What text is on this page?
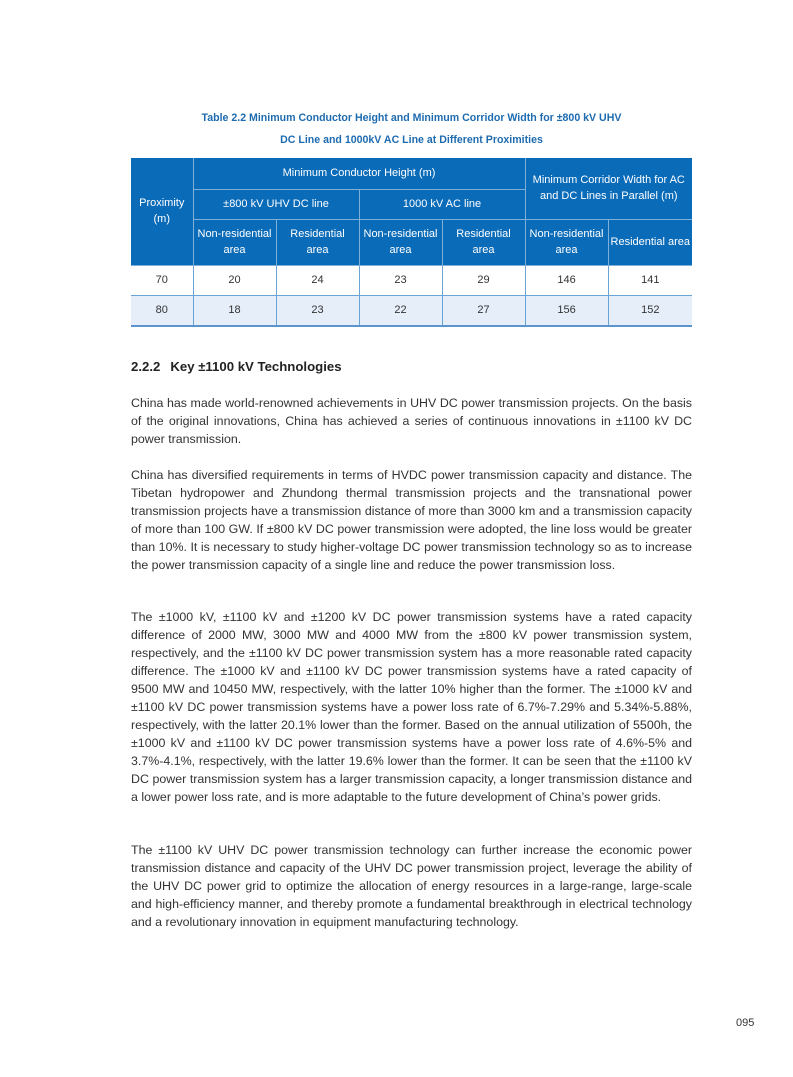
Table 2.2 Minimum Conductor Height and Minimum Corridor Width for ±800 kV UHV
DC Line and 1000kV AC Line at Different Proximities
Proximity (m)	Minimum Conductor Height (m)				Minimum Corridor Width for AC and DC Lines in Parallel (m)	
	±800 kV UHV DC line		1000 kV AC line			
	Non-residential area	Residential area	Non-residential area	Residential area	Non-residential area	Residential area
70	20	24	23	29	146	141
80	18	23	22	27	156	152
2.2.2 Key ±1100 kV Technologies

China has made world-renowned achievements in UHV DC power transmission projects. On the basis of the original innovations, China has achieved a series of continuous innovations in ±1100 kV DC power transmission.

China has diversified requirements in terms of HVDC power transmission capacity and distance. The Tibetan hydropower and Zhundong thermal transmission projects and the transnational power transmission projects have a transmission distance of more than 3000 km and a transmission capacity of more than 100 GW. If ±800 kV DC power transmission were adopted, the line loss would be greater than 10%. It is necessary to study higher-voltage DC power transmission technology so as to increase the power transmission capacity of a single line and reduce the power transmission loss.

The ±1000 kV, ±1100 kV and ±1200 kV DC power transmission systems have a rated capacity difference of 2000 MW, 3000 MW and 4000 MW from the ±800 kV power transmission system, respectively, and the ±1100 kV DC power transmission system has a more reasonable rated capacity difference. The ±1000 kV and ±1100 kV DC power transmission systems have a rated capacity of 9500 MW and 10450 MW, respectively, with the latter 10% higher than the former. The ±1000 kV and ±1100 kV DC power transmission systems have a power loss rate of 6.7%-7.29% and 5.34%-5.88%, respectively, with the latter 20.1% lower than the former. Based on the annual utilization of 5500h, the ±1000 kV and ±1100 kV DC power transmission systems have a power loss rate of 4.6%-5% and 3.7%-4.1%, respectively, with the latter 19.6% lower than the former. It can be seen that the ±1100 kV DC power transmission system has a larger transmission capacity, a longer transmission distance and a lower power loss rate, and is more adaptable to the future development of China’s power grids.

The ±1100 kV UHV DC power transmission technology can further increase the economic power transmission distance and capacity of the UHV DC power transmission project, leverage the ability of the UHV DC power grid to optimize the allocation of energy resources in a large-range, large-scale and high-efficiency manner, and thereby promote a fundamental breakthrough in electrical technology and a revolutionary innovation in equipment manufacturing technology.

095
